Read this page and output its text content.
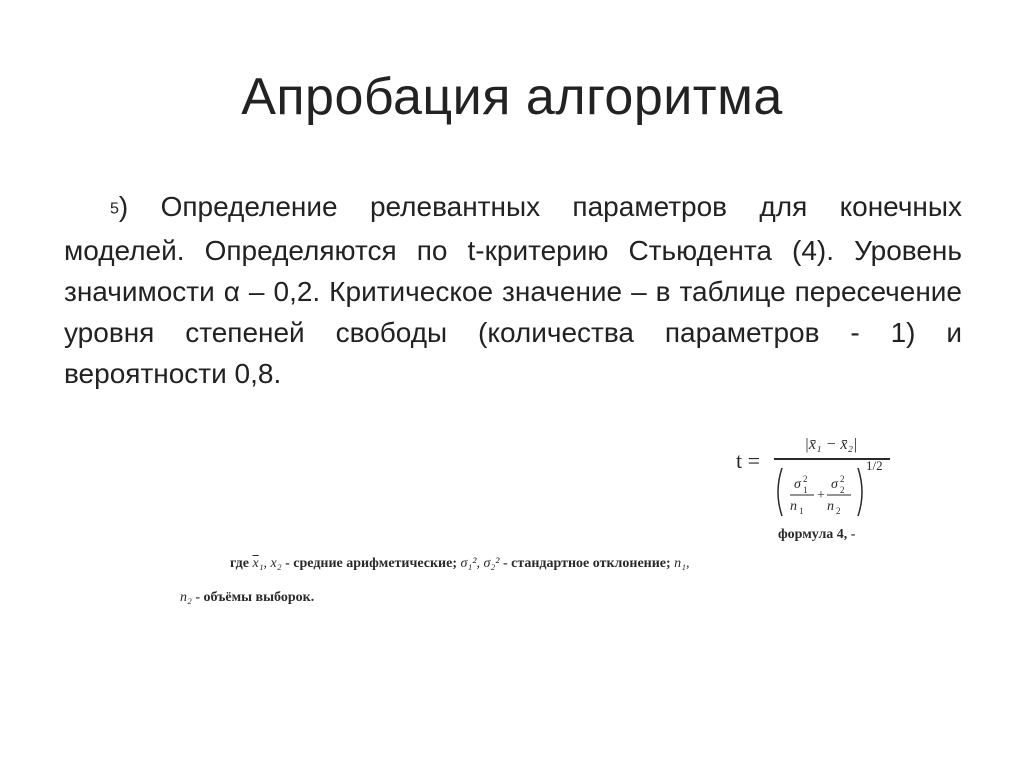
Апробация алгоритма
5) Определение релевантных параметров для конечных моделей. Определяются по t-критерию Стьюдента (4). Уровень значимости α – 0,2. Критическое значение – в таблице пересечение уровня степеней свободы (количества параметров - 1) и вероятности 0,8.
t =
|x̄₁ − x̄₂|
σ 2
1
n 1
+
σ 2
2
n 2
1/2
формула 4, -
где $\overline{x}_1$, x₂ - средние арифметические; σ₁², σ₂² - стандартное отклонение; n₁,
n₂ - объёмы выборок.
